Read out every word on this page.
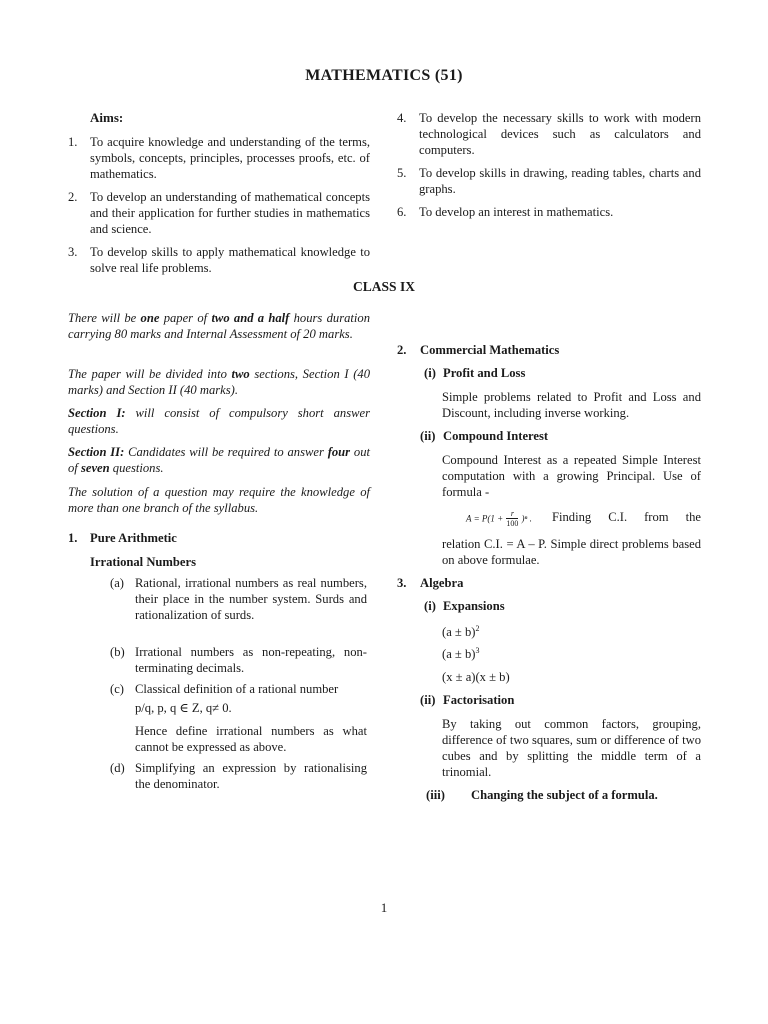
MATHEMATICS (51)
Aims:
1. To acquire knowledge and understanding of the terms, symbols, concepts, principles, processes proofs, etc. of mathematics.
2. To develop an understanding of mathematical concepts and their application for further studies in mathematics and science.
3. To develop skills to apply mathematical knowledge to solve real life problems.
4. To develop the necessary skills to work with modern technological devices such as calculators and computers.
5. To develop skills in drawing, reading tables, charts and graphs.
6. To develop an interest in mathematics.
CLASS IX
There will be one paper of two and a half hours duration carrying 80 marks and Internal Assessment of 20 marks.
The paper will be divided into two sections, Section I (40 marks) and Section II (40 marks).
Section I: will consist of compulsory short answer questions.
Section II: Candidates will be required to answer four out of seven questions.
The solution of a question may require the knowledge of more than one branch of the syllabus.
1. Pure Arithmetic
Irrational Numbers
(a) Rational, irrational numbers as real numbers, their place in the number system. Surds and rationalization of surds.
(b) Irrational numbers as non-repeating, non- terminating decimals.
(c) Classical definition of a rational number
p/q, p, q ∈ Z, q≠ 0.
Hence define irrational numbers as what cannot be expressed as above.
(d) Simplifying an expression by rationalising the denominator.
2. Commercial Mathematics
(i) Profit and Loss
Simple problems related to Profit and Loss and Discount, including inverse working.
(ii) Compound Interest
Compound Interest as a repeated Simple Interest computation with a growing Principal. Use of formula -
$A = P(1 + \frac{r}{100} )^n$ . Finding C.I. from the
relation C.I. = A – P. Simple direct problems based on above formulae.
3. Algebra
(i) Expansions
$(a \pm b)^2$
$(a \pm b)^3$
(x ± a)(x ± b)
(ii) Factorisation
By taking out common factors, grouping, difference of two squares, sum or difference of two cubes and by splitting the middle term of a trinomial.
(iii) Changing the subject of a formula.
1
